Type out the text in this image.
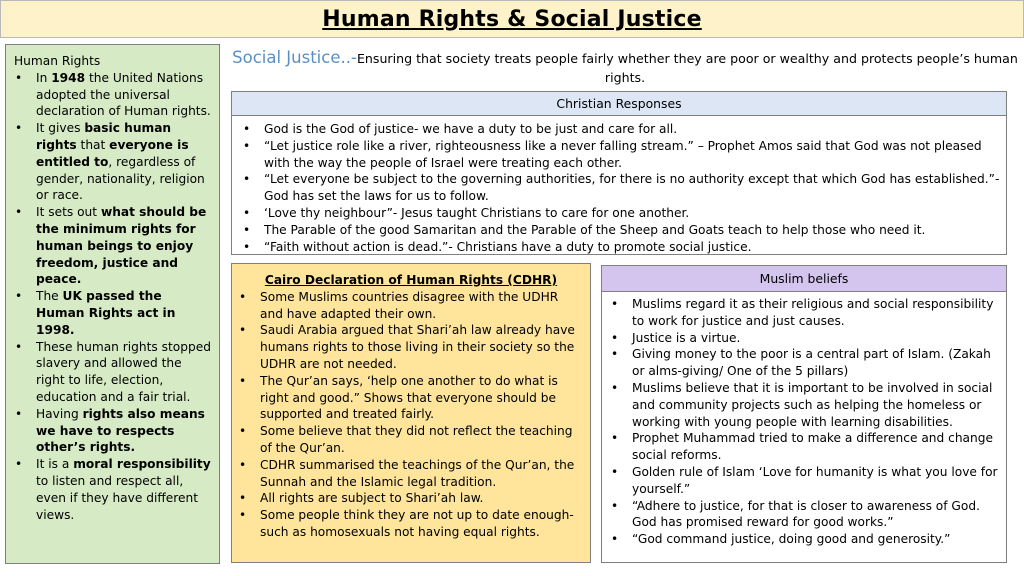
Human Rights & Social Justice
Human Rights
• In 1948 the United Nations adopted the universal declaration of Human rights.
• It gives basic human rights that everyone is entitled to, regardless of gender, nationality, religion or race.
• It sets out what should be the minimum rights for human beings to enjoy freedom, justice and peace.
• The UK passed the Human Rights act in 1998.
• These human rights stopped slavery and allowed the right to life, election, education and a fair trial.
• Having rights also means we have to respects other’s rights.
• It is a moral responsibility to listen and respect all, even if they have different views.
Social Justice..-Ensuring that society treats people fairly whether they are poor or wealthy and protects people’s human rights.
Christian Responses
• God is the God of justice- we have a duty to be just and care for all.
• “Let justice role like a river, righteousness like a never falling stream.” – Prophet Amos said that God was not pleased with the way the people of Israel were treating each other.
• “Let everyone be subject to the governing authorities, for there is no authority except that which God has established.”- God has set the laws for us to follow.
• ‘Love thy neighbour”- Jesus taught Christians to care for one another.
• The Parable of the good Samaritan and the Parable of the Sheep and Goats teach to help those who need it.
• “Faith without action is dead.”- Christians have a duty to promote social justice.
Cairo Declaration of Human Rights (CDHR)
• Some Muslims countries disagree with the UDHR and have adapted their own.
• Saudi Arabia argued that Shari’ah law already have humans rights to those living in their society so the UDHR are not needed.
• The Qur’an says, ‘help one another to do what is right and good.” Shows that everyone should be supported and treated fairly.
• Some believe that they did not reflect the teaching of the Qur’an.
• CDHR summarised the teachings of the Qur’an, the Sunnah and the Islamic legal tradition.
• All rights are subject to Shari’ah law.
• Some people think they are not up to date enough- such as homosexuals not having equal rights.
Muslim beliefs
• Muslims regard it as their religious and social responsibility to work for justice and just causes.
• Justice is a virtue.
• Giving money to the poor is a central part of Islam. (Zakah or alms-giving/ One of the 5 pillars)
• Muslims believe that it is important to be involved in social and community projects such as helping the homeless or working with young people with learning disabilities.
• Prophet Muhammad tried to make a difference and change social reforms.
• Golden rule of Islam ‘Love for humanity is what you love for yourself.”
• “Adhere to justice, for that is closer to awareness of God. God has promised reward for good works.”
• “God command justice, doing good and generosity.”
